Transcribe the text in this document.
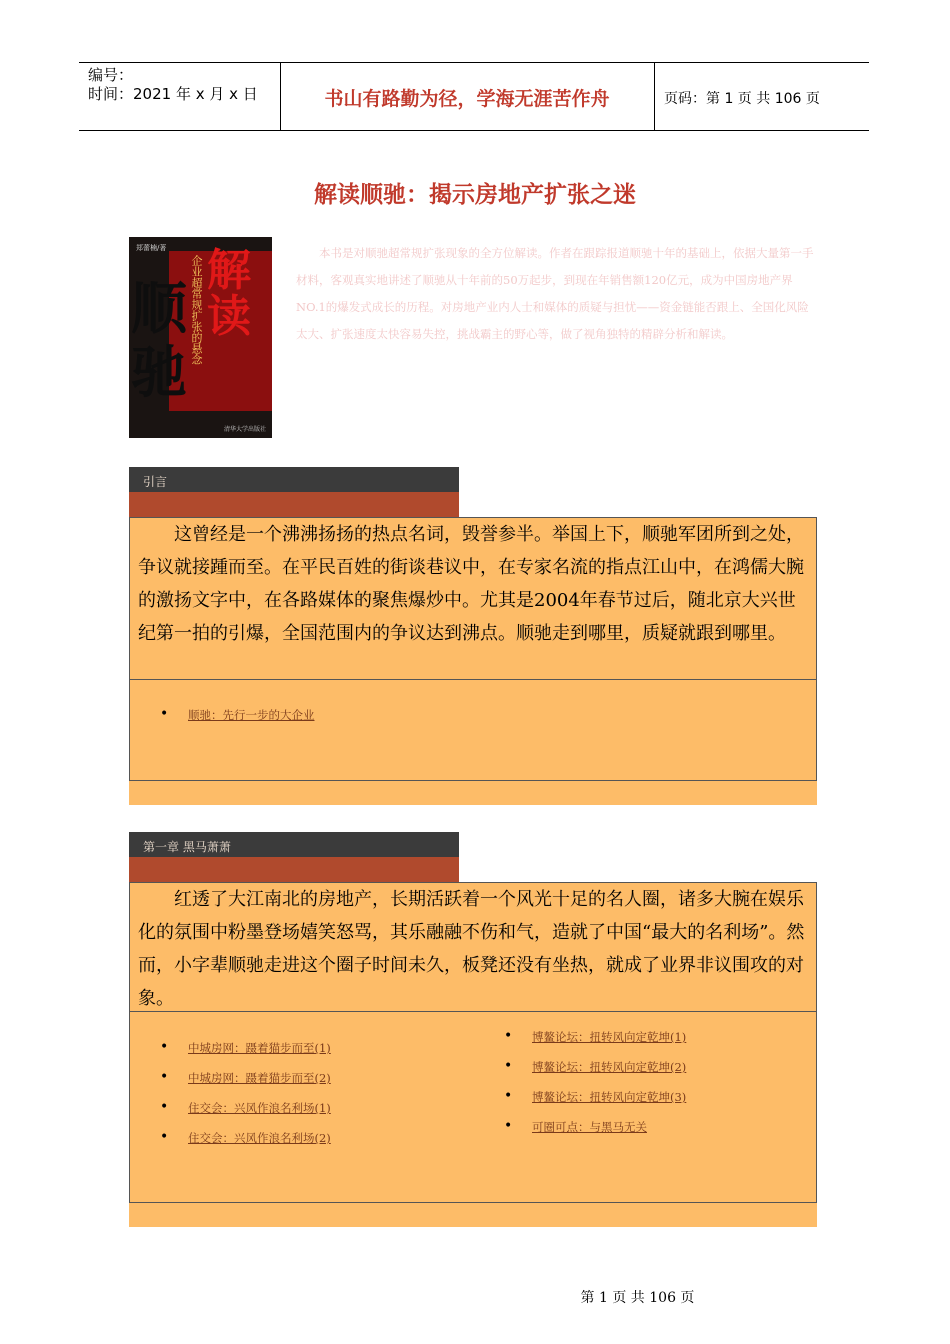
编号：
时间：2021 年 x 月 x 日	书山有路勤为径，学海无涯苦作舟	页码：第 1 页 共 106 页
解读顺驰：揭示房地产扩张之迷
郑蕾楠/著 解
读
顺
驰
企业超常规扩张的悬念
清华大学出版社
本书是对顺驰超常规扩张现象的全方位解读。作者在跟踪报道顺驰十年的基础上，依据大量第一手材料，客观真实地讲述了顺驰从十年前的50万起步，到现在年销售额120亿元，成为中国房地产界NO.1的爆发式成长的历程。对房地产业内人士和媒体的质疑与担忧——资金链能否跟上、全国化风险太大、扩张速度太快容易失控，挑战霸主的野心等，做了视角独特的精辟分析和解读。
引言

这曾经是一个沸沸扬扬的热点名词，毁誉参半。举国上下，顺驰军团所到之处，争议就接踵而至。在平民百姓的街谈巷议中，在专家名流的指点江山中，在鸿儒大腕的激扬文字中，在各路媒体的聚焦爆炒中。尤其是2004年春节过后，随北京大兴世纪第一拍的引爆，全国范围内的争议达到沸点。顺驰走到哪里，质疑就跟到哪里。

• 顺驰：先行一步的大企业
第一章 黑马萧萧

红透了大江南北的房地产，长期活跃着一个风光十足的名人圈，诸多大腕在娱乐化的氛围中粉墨登场嬉笑怒骂，其乐融融不伤和气，造就了中国“最大的名利场”。然而，小字辈顺驰走进这个圈子时间未久，板凳还没有坐热，就成了业界非议围攻的对象。

• 中城房网：蹑着猫步而至(1)
• 中城房网：蹑着猫步而至(2)
• 住交会：兴风作浪名利场(1)
• 住交会：兴风作浪名利场(2)
• 博鳌论坛：扭转风向定乾坤(1)
• 博鳌论坛：扭转风向定乾坤(2)
• 博鳌论坛：扭转风向定乾坤(3)
• 可圈可点：与黑马无关
第 1 页 共 106 页
